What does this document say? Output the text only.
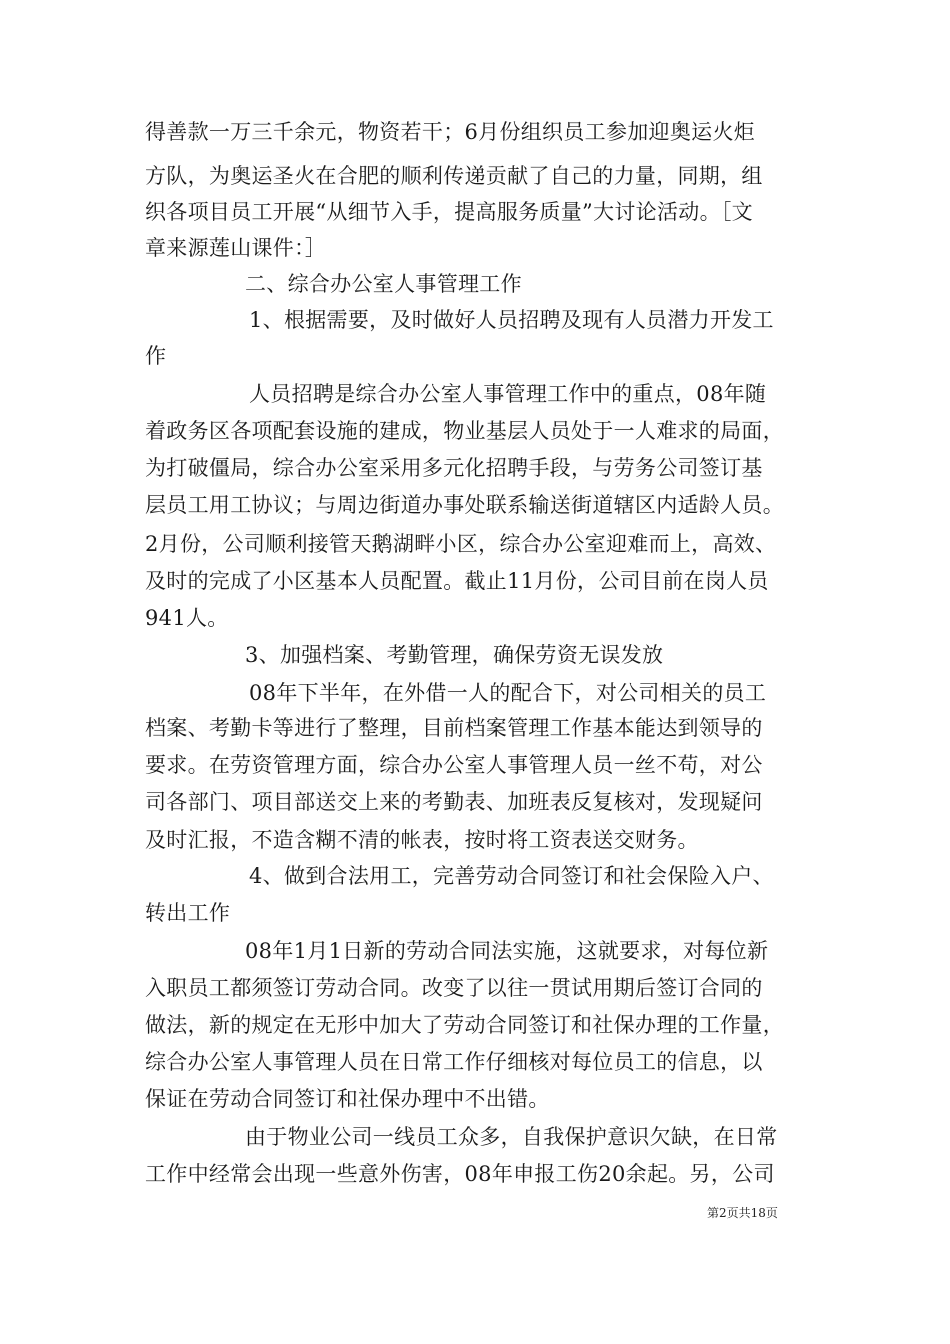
得善款一万三千余元，物资若干；6月份组织员工参加迎奥运火炬
方队，为奥运圣火在合肥的顺利传递贡献了自己的力量，同期，组
织各项目员工开展“从细节入手，提高服务质量”大讨论活动。［文
章来源莲山课件：］
二、综合办公室人事管理工作
1、根据需要，及时做好人员招聘及现有人员潜力开发工
作
人员招聘是综合办公室人事管理工作中的重点，08年随
着政务区各项配套设施的建成，物业基层人员处于一人难求的局面，
为打破僵局，综合办公室采用多元化招聘手段，与劳务公司签订基
层员工用工协议；与周边街道办事处联系输送街道辖区内适龄人员。
2月份，公司顺利接管天鹅湖畔小区，综合办公室迎难而上，高效、
及时的完成了小区基本人员配置。截止11月份，公司目前在岗人员
941人。
3、加强档案、考勤管理，确保劳资无误发放
08年下半年，在外借一人的配合下，对公司相关的员工
档案、考勤卡等进行了整理，目前档案管理工作基本能达到领导的
要求。在劳资管理方面，综合办公室人事管理人员一丝不苟，对公
司各部门、项目部送交上来的考勤表、加班表反复核对，发现疑问
及时汇报，不造含糊不清的帐表，按时将工资表送交财务。
4、做到合法用工，完善劳动合同签订和社会保险入户、
转出工作
08年1月1日新的劳动合同法实施，这就要求，对每位新
入职员工都须签订劳动合同。改变了以往一贯试用期后签订合同的
做法，新的规定在无形中加大了劳动合同签订和社保办理的工作量，
综合办公室人事管理人员在日常工作仔细核对每位员工的信息，以
保证在劳动合同签订和社保办理中不出错。
由于物业公司一线员工众多，自我保护意识欠缺，在日常
工作中经常会出现一些意外伤害，08年申报工伤20余起。另，公司
第2页共18页
